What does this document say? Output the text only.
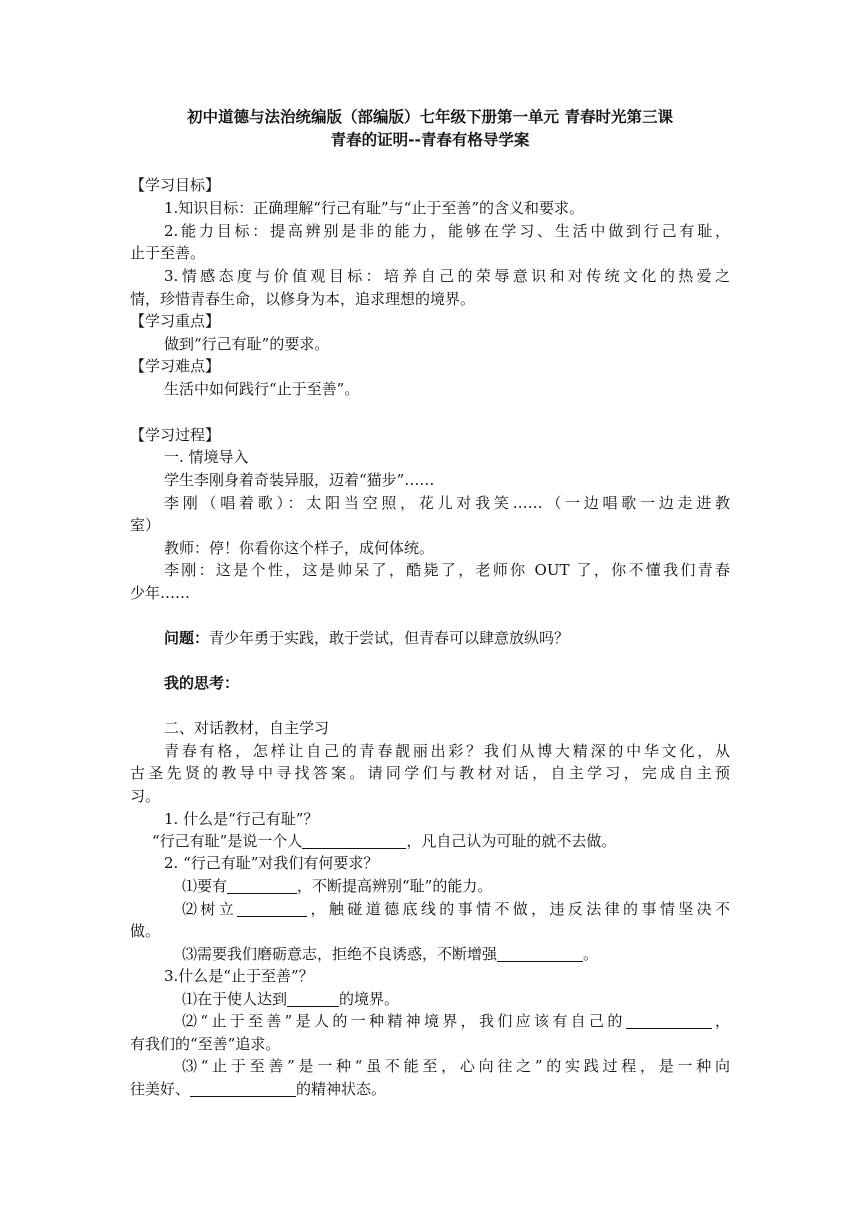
初中道德与法治统编版（部编版）七年级下册第一单元 青春时光第三课
青春的证明--青春有格导学案
【学习目标】
1.知识目标：正确理解“行己有耻”与“止于至善”的含义和要求。
2.能力目标：提高辨别是非的能力，能够在学习、生活中做到行己有耻，
止于至善。
3.情感态度与价值观目标：培养自己的荣辱意识和对传统文化的热爱之
情，珍惜青春生命，以修身为本，追求理想的境界。
【学习重点】
做到“行己有耻”的要求。
【学习难点】
生活中如何践行“止于至善”。
【学习过程】
一. 情境导入
学生李刚身着奇装异服，迈着“猫步”……
李刚（唱着歌）：太阳当空照，花儿对我笑……（一边唱歌一边走进教
室）
教师：停！你看你这个样子，成何体统。
李刚：这是个性，这是帅呆了，酷毙了，老师你 OUT 了，你不懂我们青春
少年……
问题：青少年勇于实践，敢于尝试，但青春可以肆意放纵吗？
我的思考：
二、对话教材，自主学习
青春有格，怎样让自己的青春靓丽出彩？我们从博大精深的中华文化，从
古圣先贤的教导中寻找答案。请同学们与教材对话，自主学习，完成自主预
习。
1. 什么是“行己有耻”？
“行己有耻”是说一个人	，凡自己认为可耻的就不去做。
2. “行己有耻”对我们有何要求？
⑴要有	，不断提高辨别“耻”的能力。
⑵树立	，触碰道德底线的事情不做，违反法律的事情坚决不
做。
⑶需要我们磨砺意志，拒绝不良诱惑，不断增强	。
3.什么是“止于至善”？
⑴在于使人达到	的境界。
⑵“止于至善”是人的一种精神境界，我们应该有自己的	，
有我们的“至善”追求。
⑶“止于至善”是一种“虽不能至，心向往之”的实践过程，是一种向
往美好、	的精神状态。
